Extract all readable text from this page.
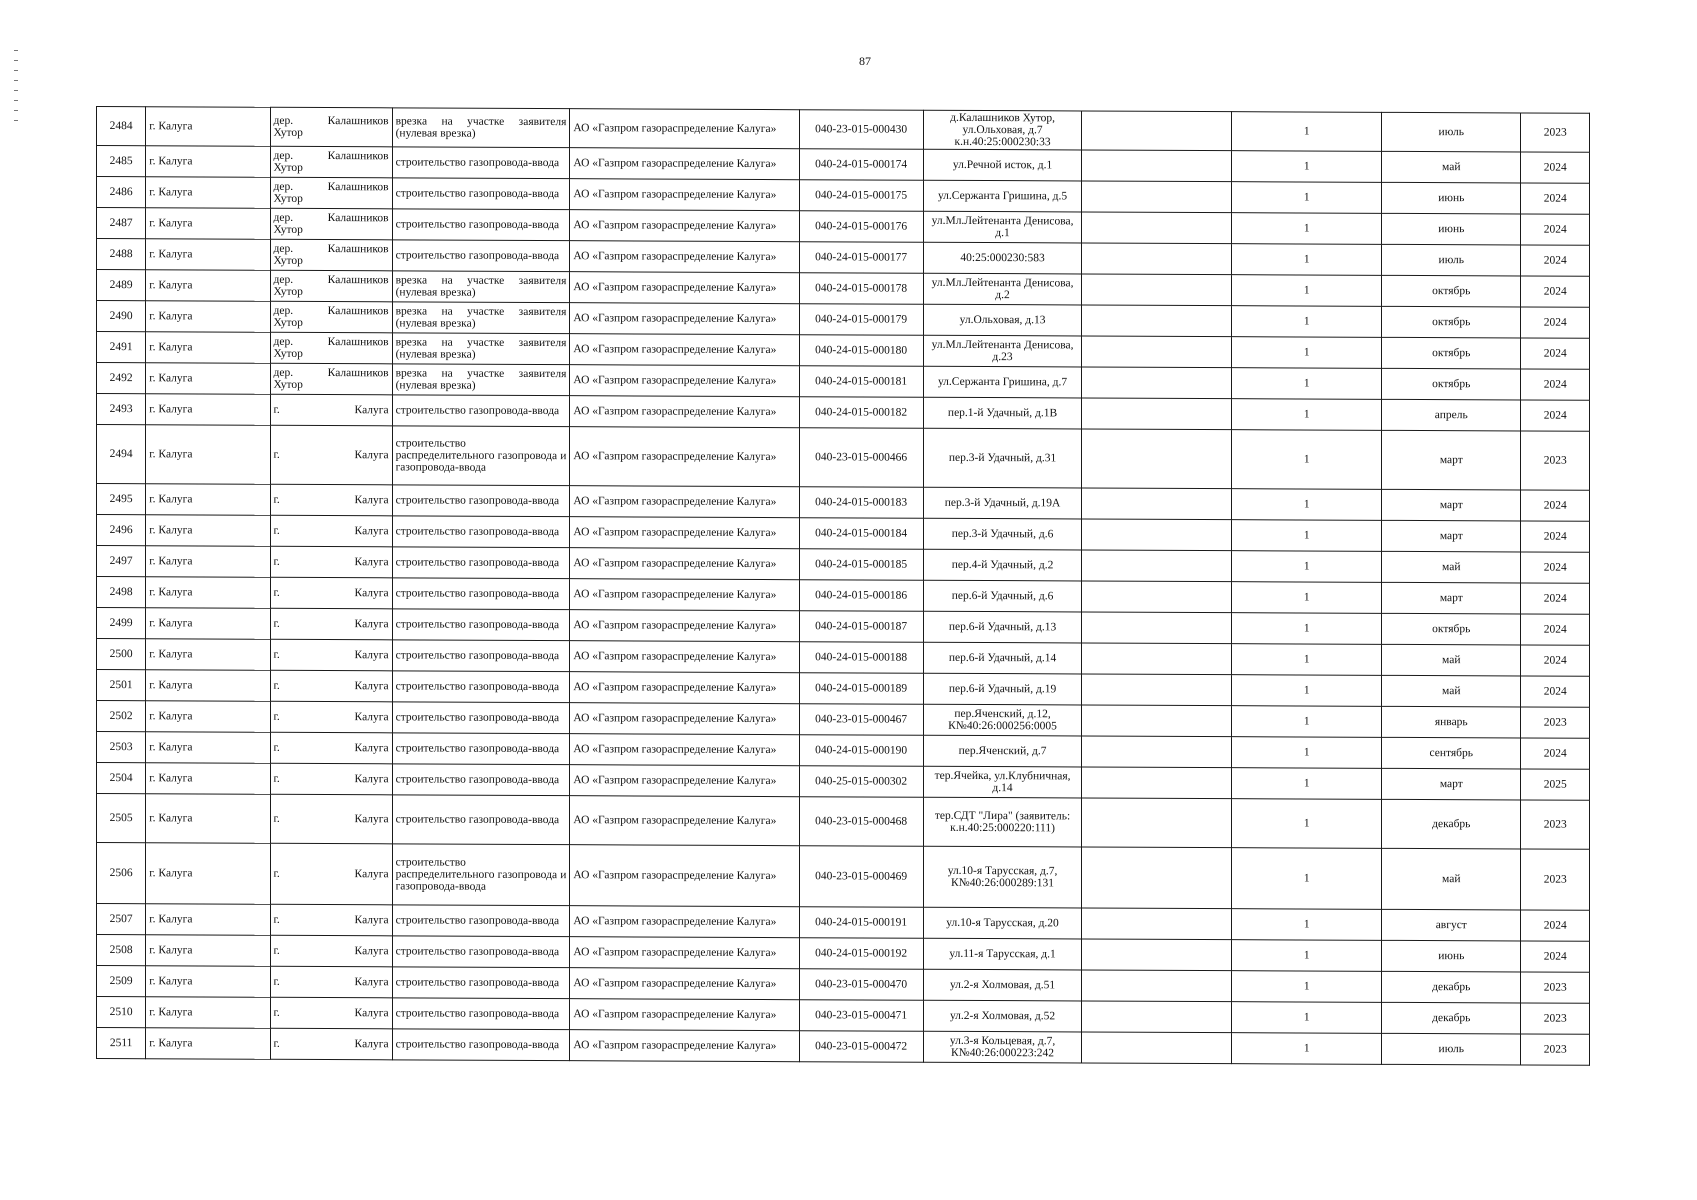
87
2484	г. Калуга	дер. Калашников Хутор	врезка на участке заявителя (нулевая врезка)	АО «Газпром газораспределение Калуга»	040-23-015-000430	д.Калашников Хутор, ул.Ольховая, д.7 к.н.40:25:000230:33		1	июль	2023
2485	г. Калуга	дер. Калашников Хутор	строительство газопровода-ввода	АО «Газпром газораспределение Калуга»	040-24-015-000174	ул.Речной исток, д.1		1	май	2024
2486	г. Калуга	дер. Калашников Хутор	строительство газопровода-ввода	АО «Газпром газораспределение Калуга»	040-24-015-000175	ул.Сержанта Гришина, д.5		1	июнь	2024
2487	г. Калуга	дер. Калашников Хутор	строительство газопровода-ввода	АО «Газпром газораспределение Калуга»	040-24-015-000176	ул.Мл.Лейтенанта Денисова, д.1		1	июнь	2024
2488	г. Калуга	дер. Калашников Хутор	строительство газопровода-ввода	АО «Газпром газораспределение Калуга»	040-24-015-000177	40:25:000230:583		1	июль	2024
2489	г. Калуга	дер. Калашников Хутор	врезка на участке заявителя (нулевая врезка)	АО «Газпром газораспределение Калуга»	040-24-015-000178	ул.Мл.Лейтенанта Денисова, д.2		1	октябрь	2024
2490	г. Калуга	дер. Калашников Хутор	врезка на участке заявителя (нулевая врезка)	АО «Газпром газораспределение Калуга»	040-24-015-000179	ул.Ольховая, д.13		1	октябрь	2024
2491	г. Калуга	дер. Калашников Хутор	врезка на участке заявителя (нулевая врезка)	АО «Газпром газораспределение Калуга»	040-24-015-000180	ул.Мл.Лейтенанта Денисова, д.23		1	октябрь	2024
2492	г. Калуга	дер. Калашников Хутор	врезка на участке заявителя (нулевая врезка)	АО «Газпром газораспределение Калуга»	040-24-015-000181	ул.Сержанта Гришина, д.7		1	октябрь	2024
2493	г. Калуга	г. Калуга	строительство газопровода-ввода	АО «Газпром газораспределение Калуга»	040-24-015-000182	пер.1-й Удачный, д.1В		1	апрель	2024
2494	г. Калуга	г. Калуга	строительство распределительного газопровода и газопровода-ввода	АО «Газпром газораспределение Калуга»	040-23-015-000466	пер.3-й Удачный, д.31		1	март	2023
2495	г. Калуга	г. Калуга	строительство газопровода-ввода	АО «Газпром газораспределение Калуга»	040-24-015-000183	пер.3-й Удачный, д.19А		1	март	2024
2496	г. Калуга	г. Калуга	строительство газопровода-ввода	АО «Газпром газораспределение Калуга»	040-24-015-000184	пер.3-й Удачный, д.6		1	март	2024
2497	г. Калуга	г. Калуга	строительство газопровода-ввода	АО «Газпром газораспределение Калуга»	040-24-015-000185	пер.4-й Удачный, д.2		1	май	2024
2498	г. Калуга	г. Калуга	строительство газопровода-ввода	АО «Газпром газораспределение Калуга»	040-24-015-000186	пер.6-й Удачный, д.6		1	март	2024
2499	г. Калуга	г. Калуга	строительство газопровода-ввода	АО «Газпром газораспределение Калуга»	040-24-015-000187	пер.6-й Удачный, д.13		1	октябрь	2024
2500	г. Калуга	г. Калуга	строительство газопровода-ввода	АО «Газпром газораспределение Калуга»	040-24-015-000188	пер.6-й Удачный, д.14		1	май	2024
2501	г. Калуга	г. Калуга	строительство газопровода-ввода	АО «Газпром газораспределение Калуга»	040-24-015-000189	пер.6-й Удачный, д.19		1	май	2024
2502	г. Калуга	г. Калуга	строительство газопровода-ввода	АО «Газпром газораспределение Калуга»	040-23-015-000467	пер.Яченский, д.12, К№40:26:000256:0005		1	январь	2023
2503	г. Калуга	г. Калуга	строительство газопровода-ввода	АО «Газпром газораспределение Калуга»	040-24-015-000190	пер.Яченский, д.7		1	сентябрь	2024
2504	г. Калуга	г. Калуга	строительство газопровода-ввода	АО «Газпром газораспределение Калуга»	040-25-015-000302	тер.Ячейка, ул.Клубничная, д.14		1	март	2025
2505	г. Калуга	г. Калуга	строительство газопровода-ввода	АО «Газпром газораспределение Калуга»	040-23-015-000468	тер.СДТ "Лира" (заявитель: к.н.40:25:000220:111)		1	декабрь	2023
2506	г. Калуга	г. Калуга	строительство распределительного газопровода и газопровода-ввода	АО «Газпром газораспределение Калуга»	040-23-015-000469	ул.10-я Тарусская, д.7, К№40:26:000289:131		1	май	2023
2507	г. Калуга	г. Калуга	строительство газопровода-ввода	АО «Газпром газораспределение Калуга»	040-24-015-000191	ул.10-я Тарусская, д.20		1	август	2024
2508	г. Калуга	г. Калуга	строительство газопровода-ввода	АО «Газпром газораспределение Калуга»	040-24-015-000192	ул.11-я Тарусская, д.1		1	июнь	2024
2509	г. Калуга	г. Калуга	строительство газопровода-ввода	АО «Газпром газораспределение Калуга»	040-23-015-000470	ул.2-я Холмовая, д.51		1	декабрь	2023
2510	г. Калуга	г. Калуга	строительство газопровода-ввода	АО «Газпром газораспределение Калуга»	040-23-015-000471	ул.2-я Холмовая, д.52		1	декабрь	2023
2511	г. Калуга	г. Калуга	строительство газопровода-ввода	АО «Газпром газораспределение Калуга»	040-23-015-000472	ул.3-я Кольцевая, д.7, К№40:26:000223:242		1	июль	2023
